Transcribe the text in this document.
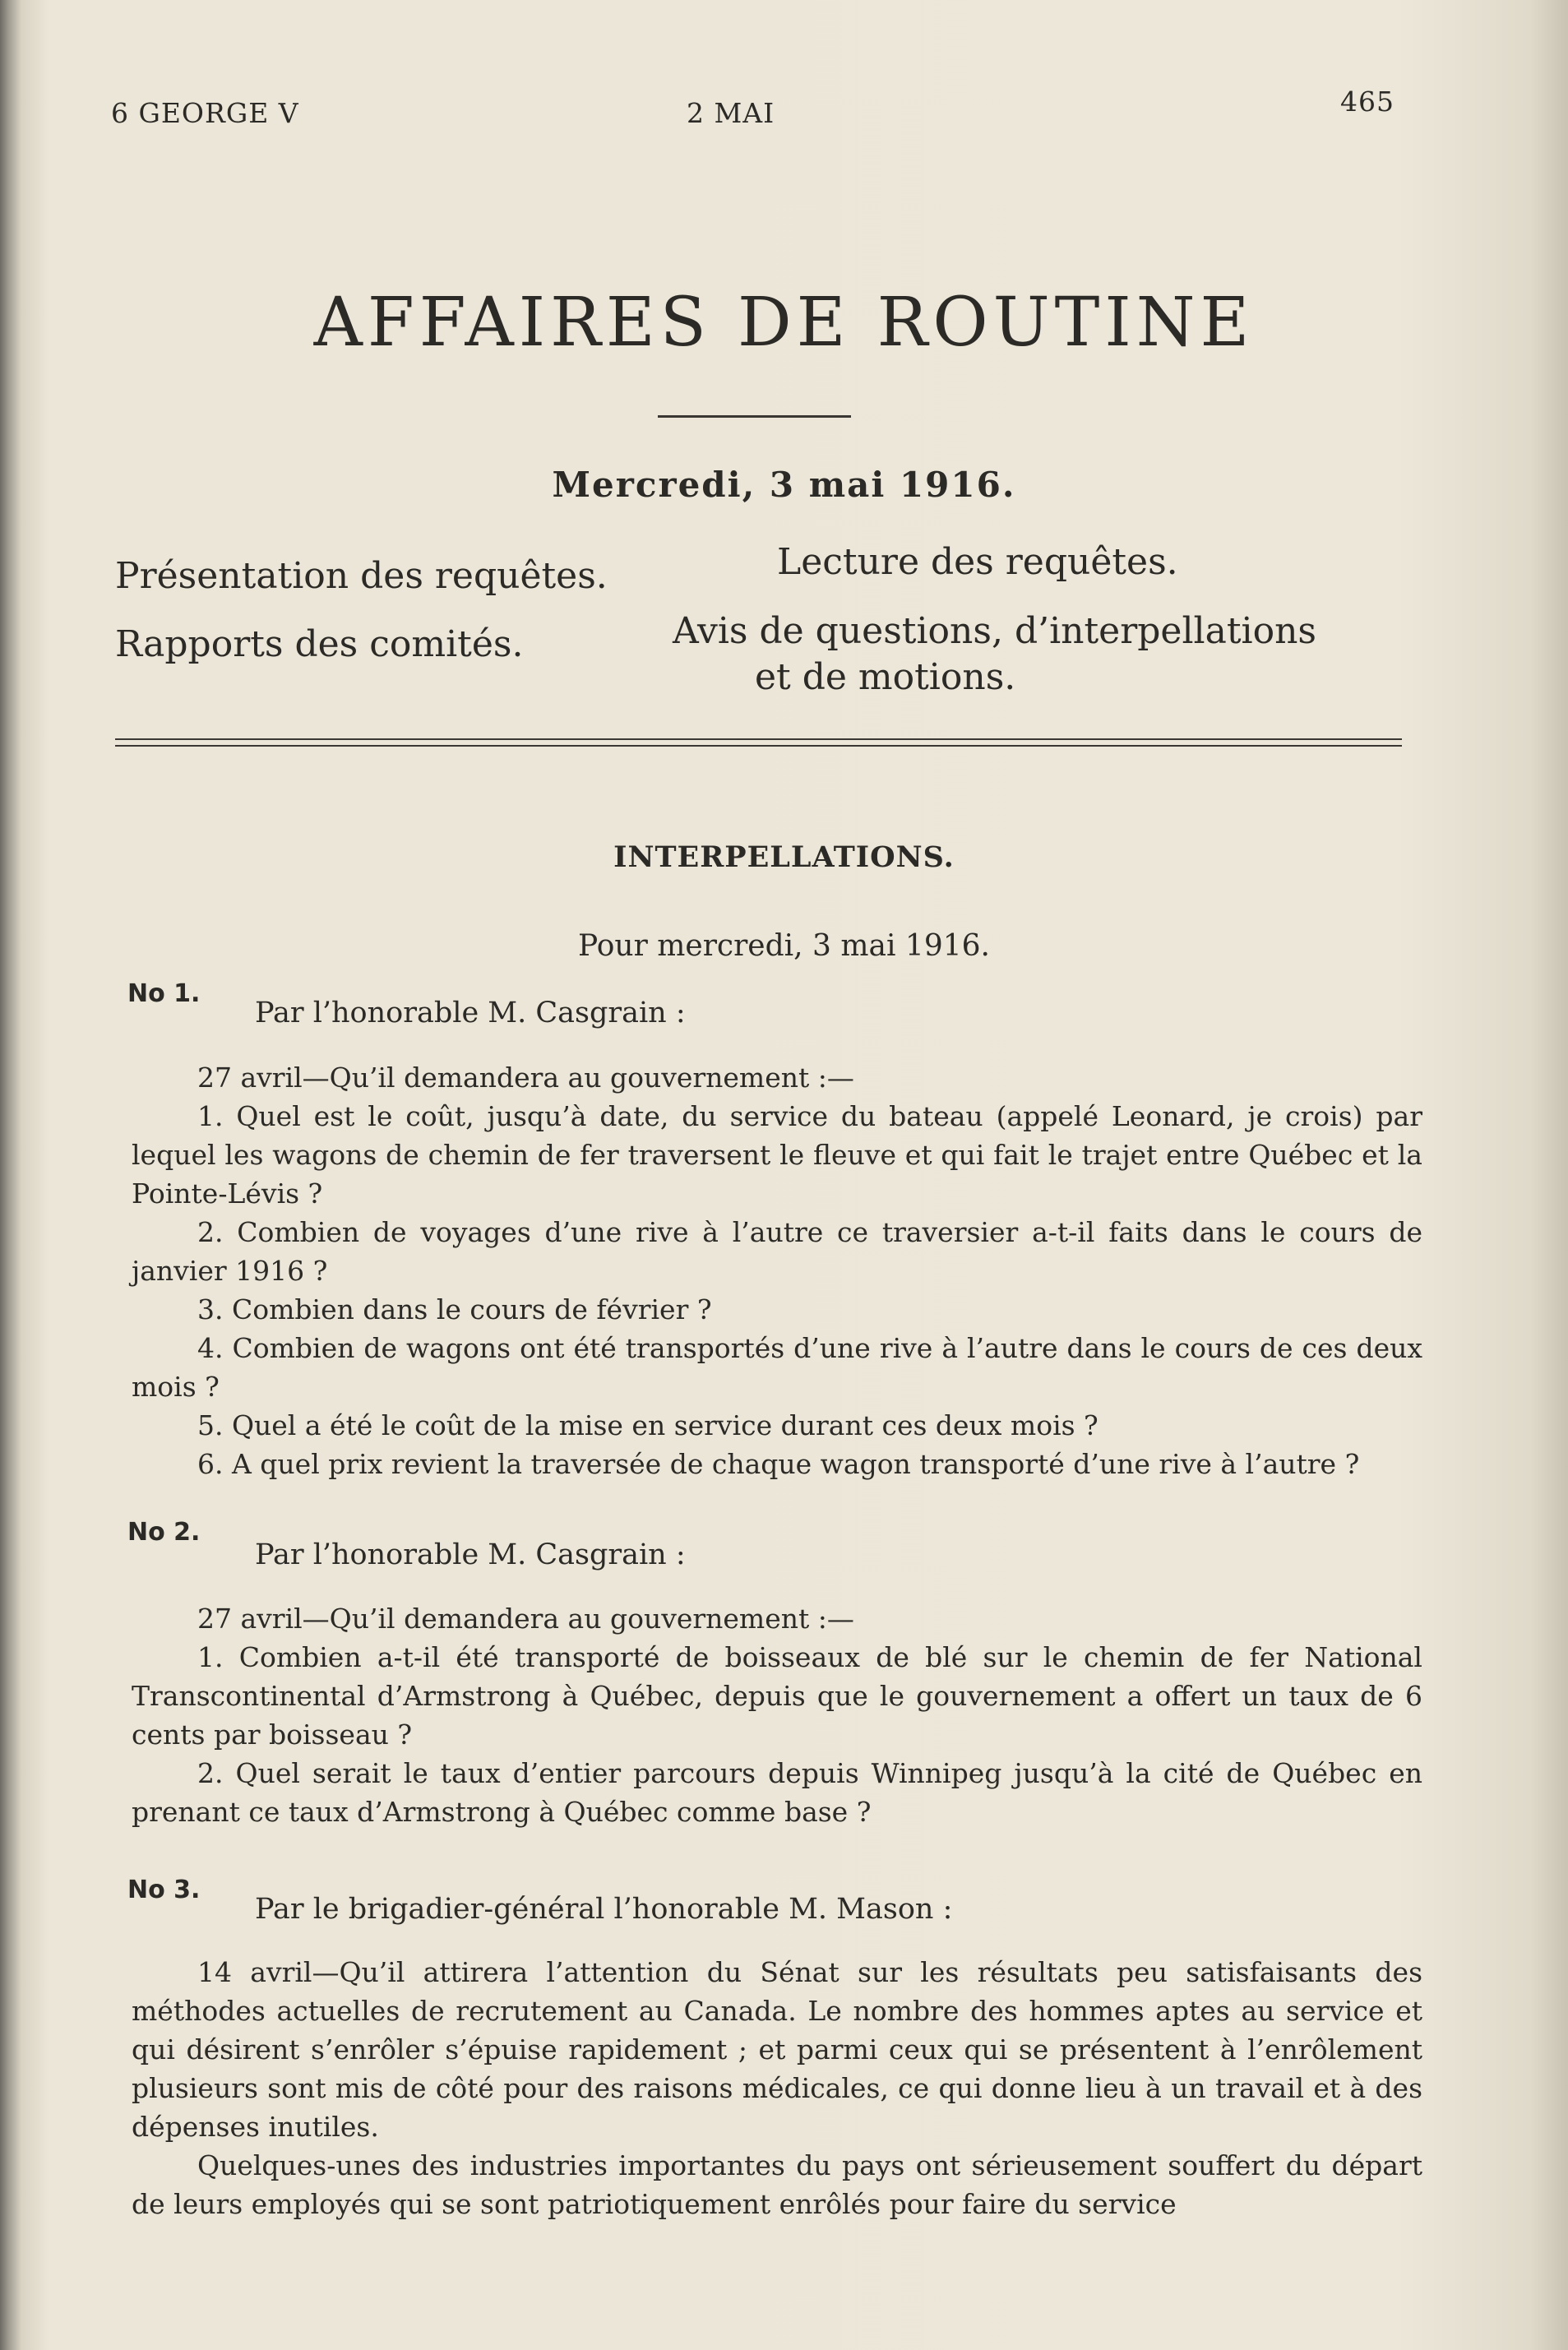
6 GEORGE V	2 MAI	465
AFFAIRES DE ROUTINE
Mercredi, 3 mai 1916.
Présentation des requêtes.	Lecture des requêtes.
Rapports des comités.	Avis de questions, d’interpellations
et de motions.
INTERPELLATIONS.
Pour mercredi, 3 mai 1916.
No 1.
Par l’honorable M. Casgrain :

27 avril—Qu’il demandera au gouvernement :—

1. Quel est le coût, jusqu’à date, du service du bateau (appelé Leonard, je crois) par lequel les wagons de chemin de fer traversent le fleuve et qui fait le trajet entre Québec et la Pointe-Lévis ?

2. Combien de voyages d’une rive à l’autre ce traversier a-t-il faits dans le cours de janvier 1916 ?

3. Combien dans le cours de février ?

4. Combien de wagons ont été transportés d’une rive à l’autre dans le cours de ces deux mois ?

5. Quel a été le coût de la mise en service durant ces deux mois ?

6. A quel prix revient la traversée de chaque wagon transporté d’une rive à l’autre ?

No 2.
Par l’honorable M. Casgrain :

27 avril—Qu’il demandera au gouvernement :—

1. Combien a-t-il été transporté de boisseaux de blé sur le chemin de fer National Transcontinental d’Armstrong à Québec, depuis que le gouvernement a offert un taux de 6 cents par boisseau ?

2. Quel serait le taux d’entier parcours depuis Winnipeg jusqu’à la cité de Québec en prenant ce taux d’Armstrong à Québec comme base ?

No 3.
Par le brigadier-général l’honorable M. Mason :

14 avril—Qu’il attirera l’attention du Sénat sur les résultats peu satisfaisants des méthodes actuelles de recrutement au Canada. Le nombre des hommes aptes au service et qui désirent s’enrôler s’épuise rapidement ; et parmi ceux qui se présentent à l’enrôlement plusieurs sont mis de côté pour des raisons médicales, ce qui donne lieu à un travail et à des dépenses inutiles.

Quelques-unes des industries importantes du pays ont sérieusement souffert du départ de leurs employés qui se sont patriotiquement enrôlés pour faire du service
